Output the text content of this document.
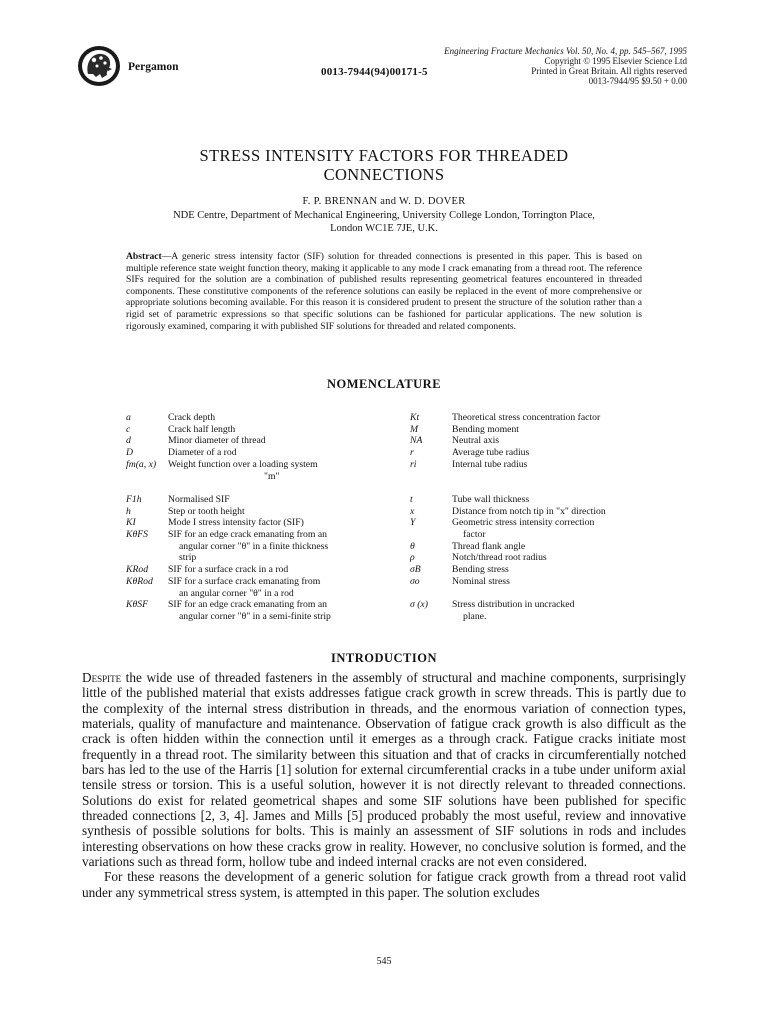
Pergamon	0013-7944(94)00171-5
Engineering Fracture Mechanics Vol. 50, No. 4, pp. 545–567, 1995
Copyright © 1995 Elsevier Science Ltd
Printed in Great Britain. All rights reserved
0013-7944/95 $9.50 + 0.00
STRESS INTENSITY FACTORS FOR THREADED
CONNECTIONS
F. P. BRENNAN and W. D. DOVER
NDE Centre, Department of Mechanical Engineering, University College London, Torrington Place,
London WC1E 7JE, U.K.
Abstract—A generic stress intensity factor (SIF) solution for threaded connections is presented in this paper. This is based on multiple reference state weight function theory, making it applicable to any mode I crack emanating from a thread root. The reference SIFs required for the solution are a combination of published results representing geometrical features encountered in threaded components. These constitutive components of the reference solutions can easily be replaced in the event of more comprehensive or appropriate solutions becoming available. For this reason it is considered prudent to present the structure of the solution rather than a rigid set of parametric expressions so that specific solutions can be fashioned for particular applications. The new solution is rigorously examined, comparing it with published SIF solutions for threaded and related components.
NOMENCLATURE
a	Crack depth
c	Crack half length
d	Minor diameter of thread
D	Diameter of a rod
fm(a, x)	Weight function over a loading system
"m"
F1h	Normalised SIF
h	Step or tooth height
KI	Mode I stress intensity factor (SIF)
KθFS	SIF for an edge crack emanating from an
angular corner "θ" in a finite thickness
strip
KRod	SIF for a surface crack in a rod
KθRod	SIF for a surface crack emanating from
an angular corner "θ" in a rod
KθSF	SIF for an edge crack emanating from an
angular corner "θ" in a semi-finite strip
Kt	Theoretical stress concentration factor
M	Bending moment
NA	Neutral axis
r	Average tube radius
ri	Internal tube radius
t	Tube wall thickness
x	Distance from notch tip in "x" direction
Y	Geometric stress intensity correction
factor
θ	Thread flank angle
ρ	Notch/thread root radius
σB	Bending stress
σo	Nominal stress
σ (x)	Stress distribution in uncracked
plane.
INTRODUCTION

Despite the wide use of threaded fasteners in the assembly of structural and machine components, surprisingly little of the published material that exists addresses fatigue crack growth in screw threads. This is partly due to the complexity of the internal stress distribution in threads, and the enormous variation of connection types, materials, quality of manufacture and maintenance. Observation of fatigue crack growth is also difficult as the crack is often hidden within the connection until it emerges as a through crack. Fatigue cracks initiate most frequently in a thread root. The similarity between this situation and that of cracks in circumferentially notched bars has led to the use of the Harris [1] solution for external circumferential cracks in a tube under uniform axial tensile stress or torsion. This is a useful solution, however it is not directly relevant to threaded connections. Solutions do exist for related geometrical shapes and some SIF solutions have been published for specific threaded connections [2, 3, 4]. James and Mills [5] produced probably the most useful, review and innovative synthesis of possible solutions for bolts. This is mainly an assessment of SIF solutions in rods and includes interesting observations on how these cracks grow in reality. However, no conclusive solution is formed, and the variations such as thread form, hollow tube and indeed internal cracks are not even considered.

For these reasons the development of a generic solution for fatigue crack growth from a thread root valid under any symmetrical stress system, is attempted in this paper. The solution excludes

545
